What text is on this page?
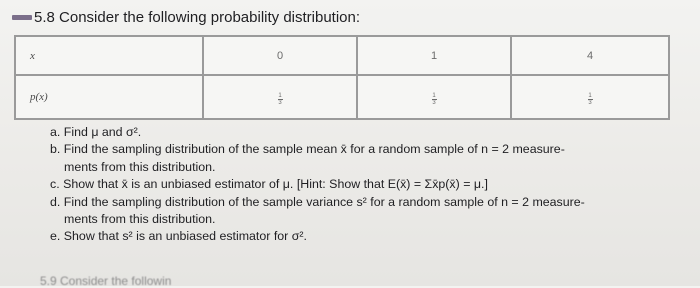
5.8 Consider the following probability distribution:
x	0	1	4
p(x)	$\frac{1}{3}$	$\frac{1}{3}$	$\frac{1}{3}$

a. Find μ and σ².

b. Find the sampling distribution of the sample mean x̄ for a random sample of n = 2 measure-

ments from this distribution.

c. Show that x̄ is an unbiased estimator of μ. [Hint: Show that E(x̄) = Σx̄p(x̄) = μ.]

d. Find the sampling distribution of the sample variance s² for a random sample of n = 2 measure-

ments from this distribution.

e. Show that s² is an unbiased estimator for σ².

5.9 Consider the followin
